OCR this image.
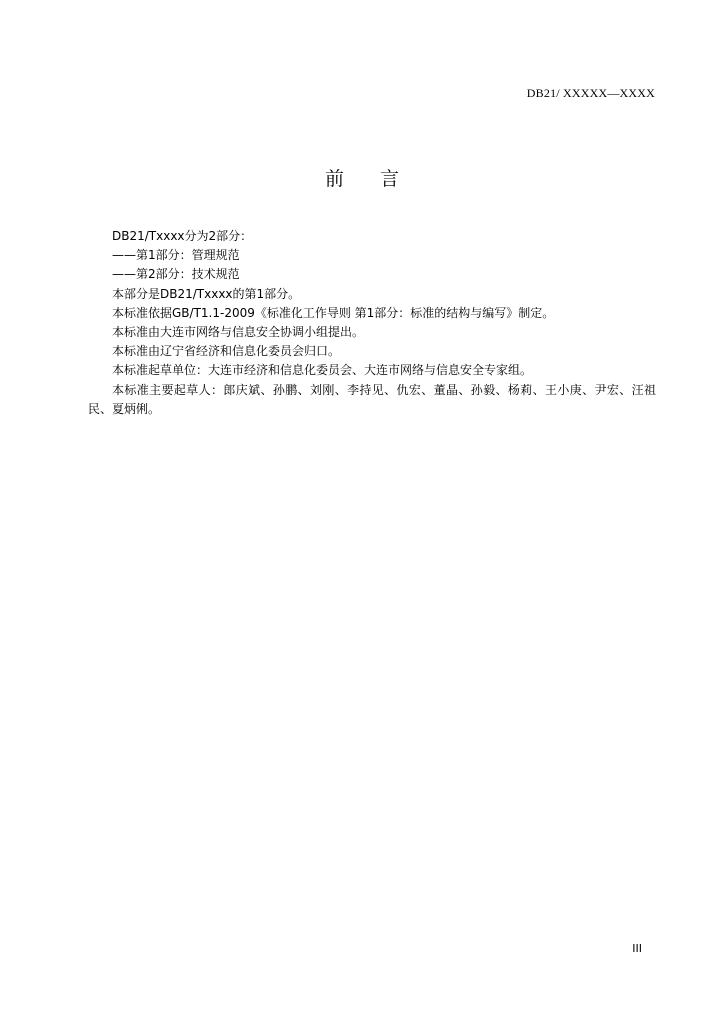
DB21/ XXXXX—XXXX
前言

DB21/Txxxx分为2部分：

——第1部分：管理规范

——第2部分：技术规范

本部分是DB21/Txxxx的第1部分。

本标准依据GB/T1.1-2009《标准化工作导则 第1部分：标准的结构与编写》制定。

本标准由大连市网络与信息安全协调小组提出。

本标准由辽宁省经济和信息化委员会归口。

本标准起草单位：大连市经济和信息化委员会、大连市网络与信息安全专家组。

本标准主要起草人：郎庆斌、孙鹏、刘刚、李持见、仇宏、董晶、孙毅、杨莉、王小庚、尹宏、汪祖民、夏炳俐。

III
